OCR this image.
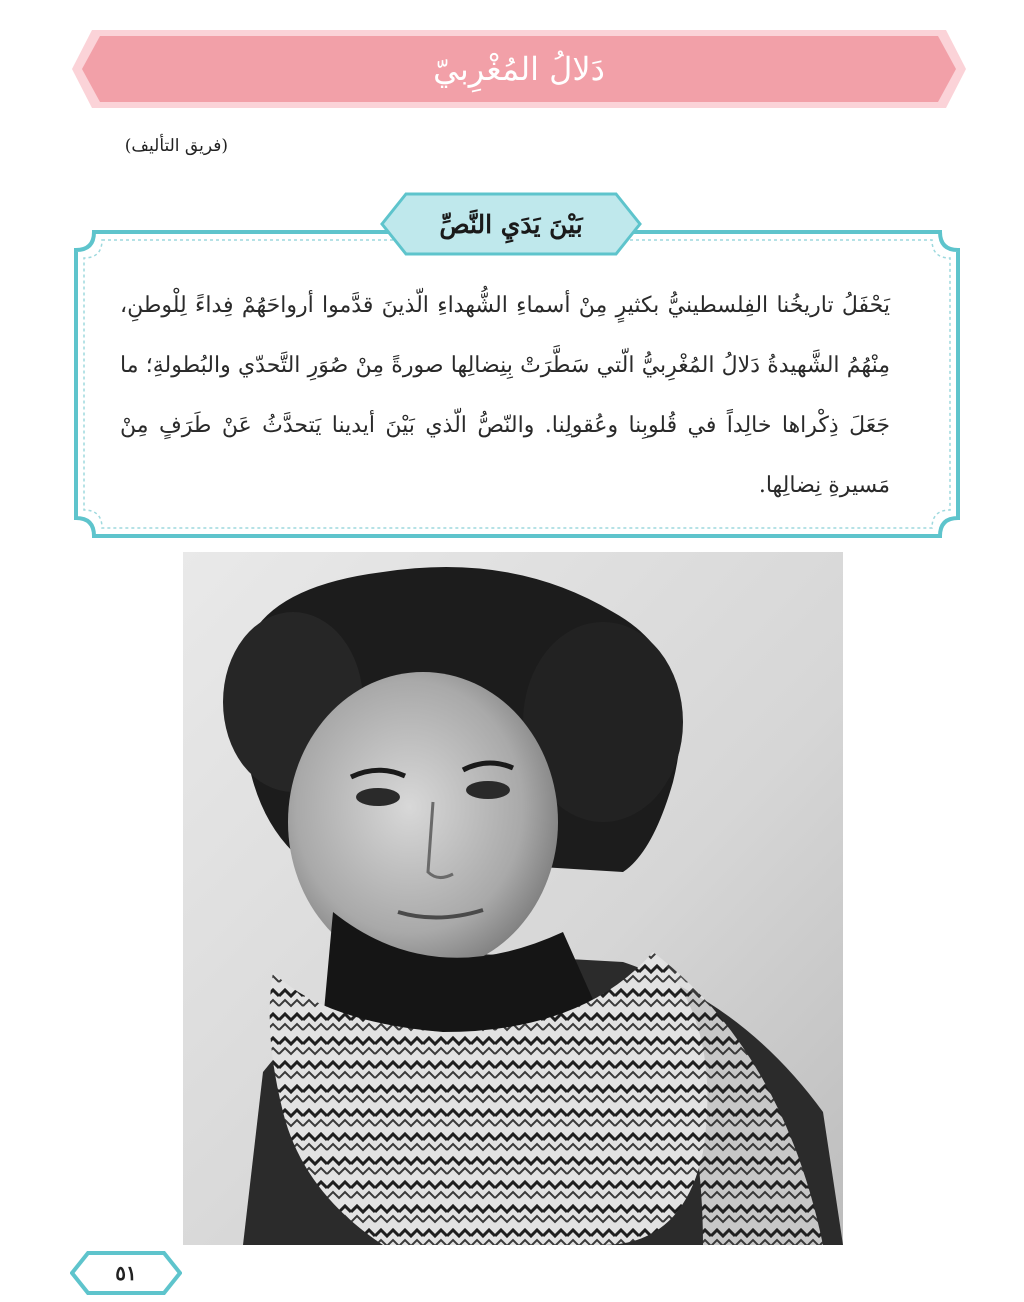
دَلالُ المُغْرِبيّ
(فريق التأليف)
بَيْنَ يَدَيِ النَّصِّ
يَحْفَلُ تاريخُنا الفِلسطينيُّ بكثيرٍ مِنْ أسماءِ الشُّهداءِ الّذينَ قدَّموا أرواحَهُمْ فِداءً لِلْوطنِ، مِنْهُمُ الشَّهيدةُ دَلالُ المُغْرِبيُّ الّتي سَطَّرَتْ بِنِضالِها صورةً مِنْ صُوَرِ التَّحدّي والبُطولةِ؛ ما جَعَلَ ذِكْراها خالِداً في قُلوبِنا وعُقولِنا. والنّصُّ الّذي بَيْنَ أيدينا يَتحدَّثُ عَنْ طَرَفٍ مِنْ مَسيرةِ نِضالِها.
٥١
